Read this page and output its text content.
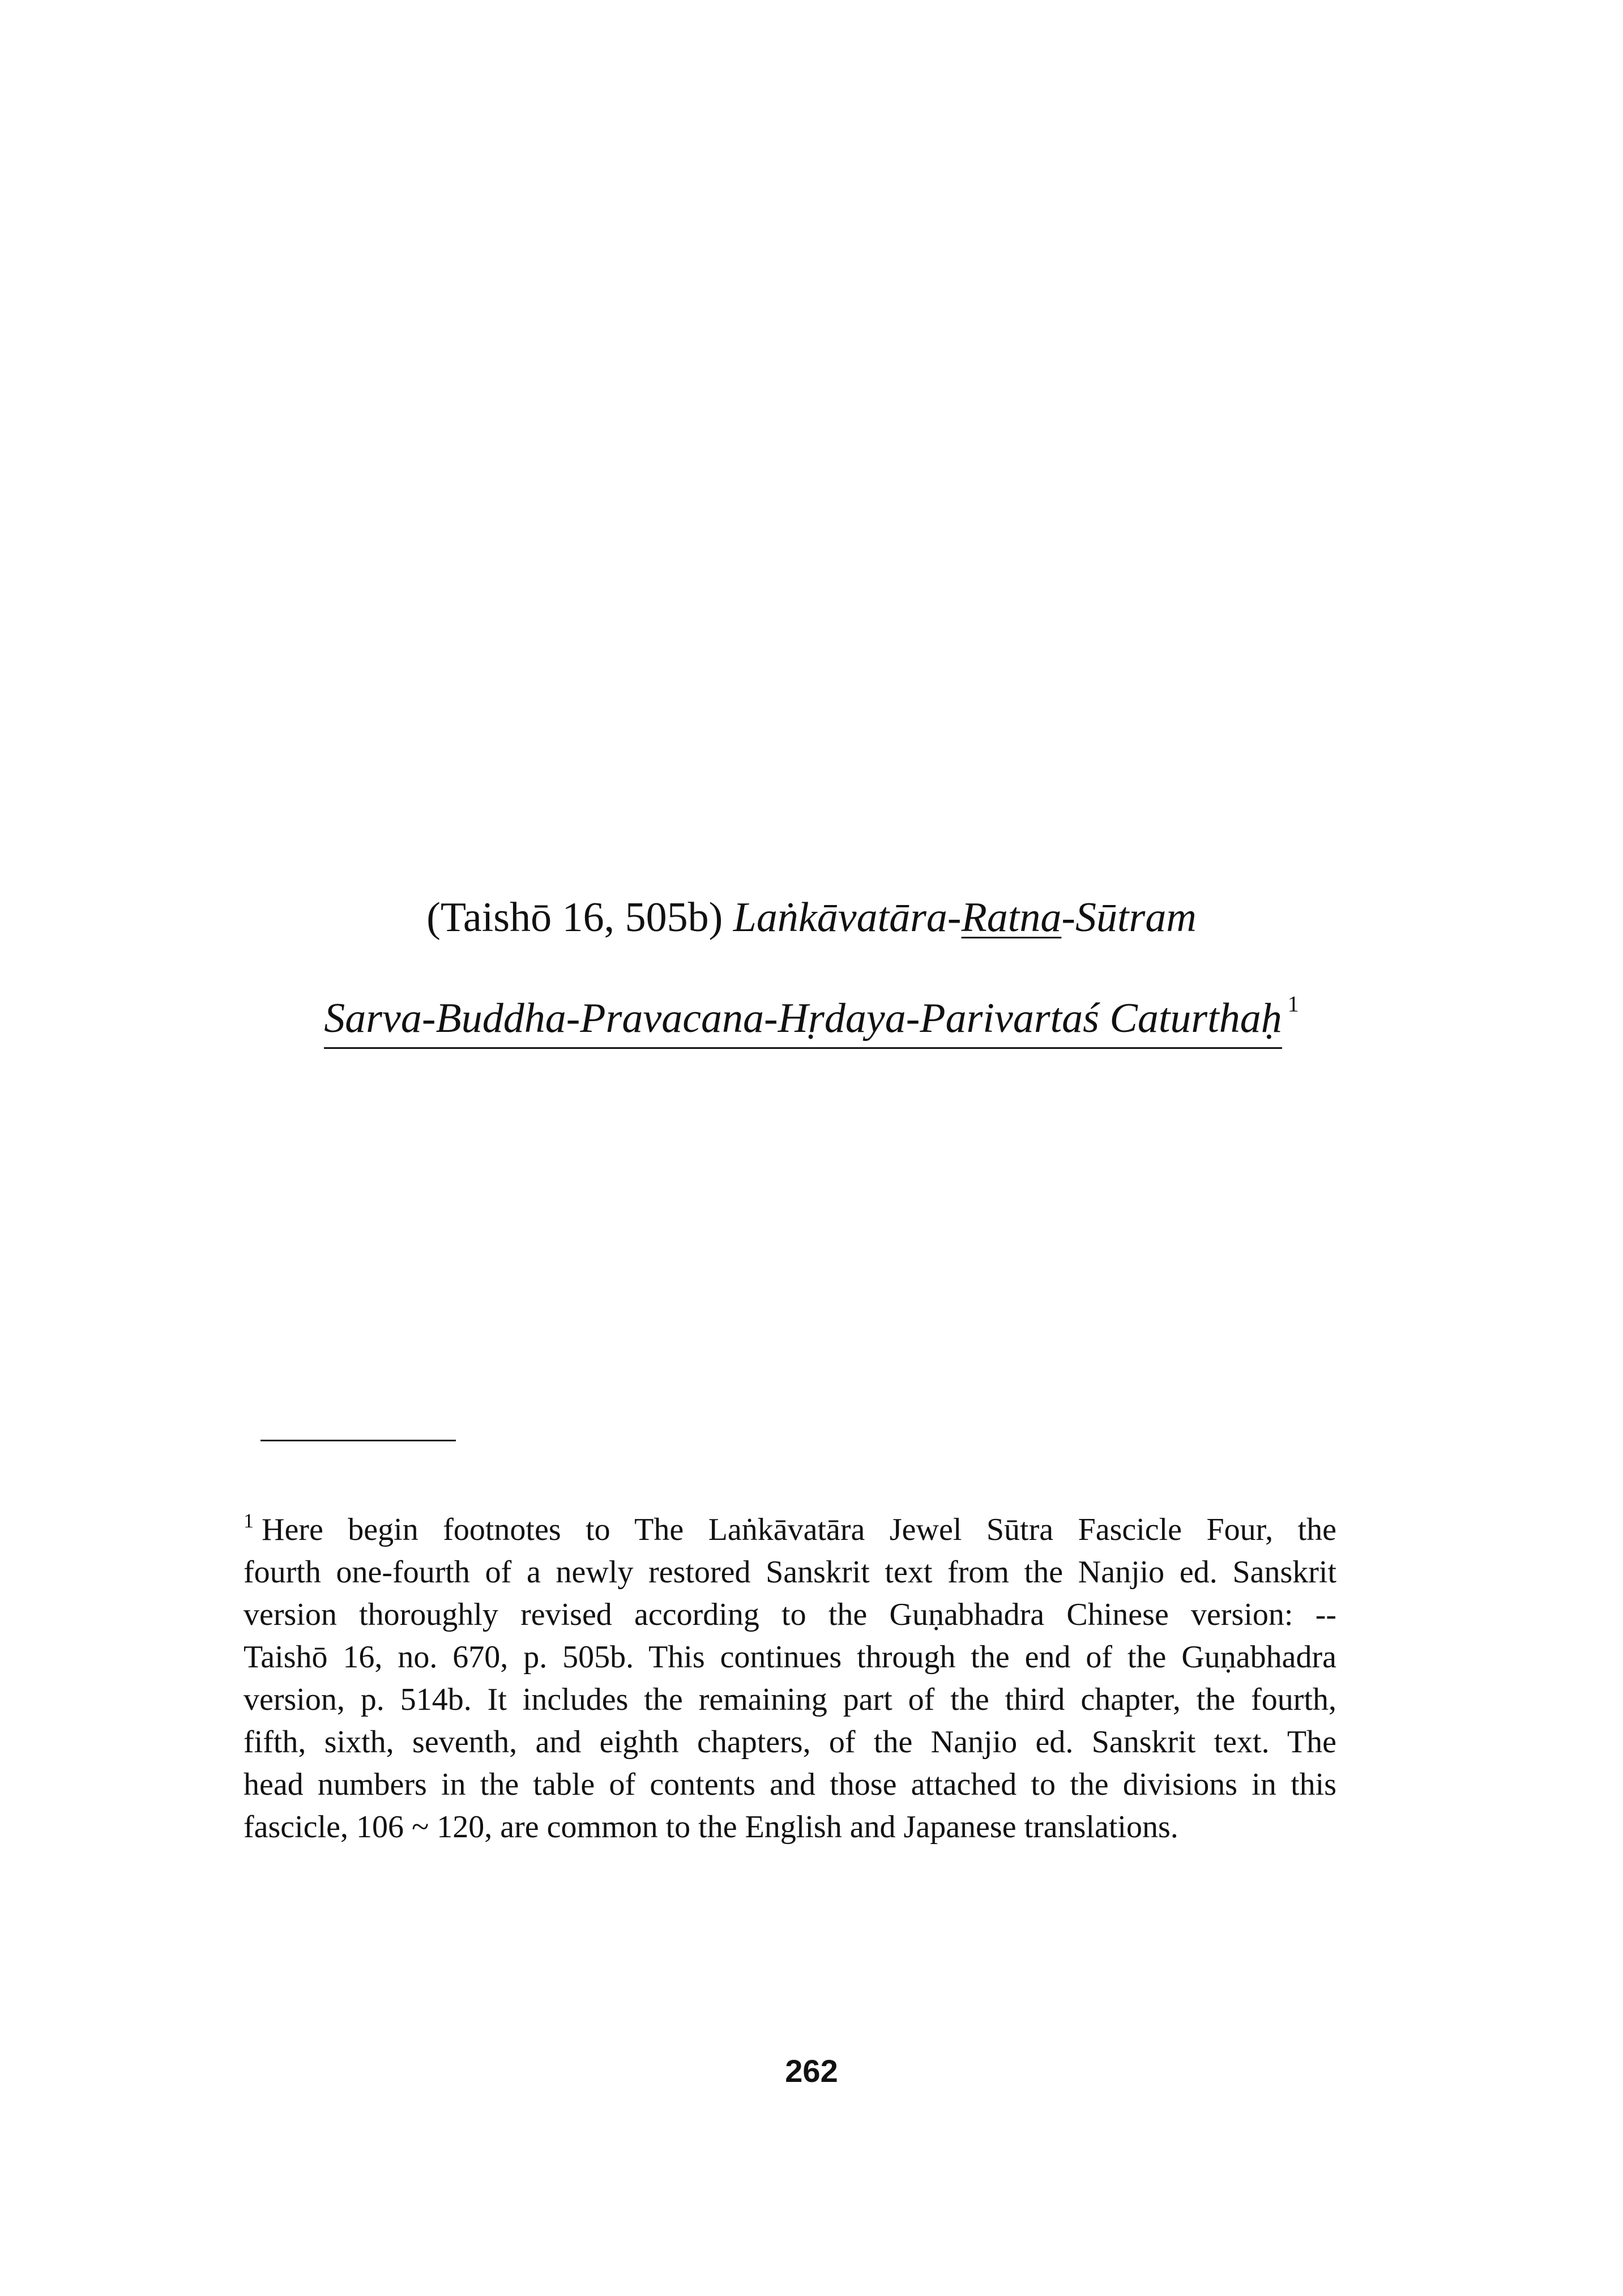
(Taishō 16, 505b) Laṅkāvatāra-Ratna-Sūtram
Sarva-Buddha-Pravacana-Hṛdaya-Parivartaś Caturthaḥ $^1$
$^1$ Here begin footnotes to The Laṅkāvatāra Jewel Sūtra Fascicle Four, the
fourth one-fourth of a newly restored Sanskrit text from the Nanjio ed. Sanskrit
version thoroughly revised according to the Guṇabhadra Chinese version: --
Taishō 16, no. 670, p. 505b. This continues through the end of the Guṇabhadra
version, p. 514b. It includes the remaining part of the third chapter, the fourth,
fifth, sixth, seventh, and eighth chapters, of the Nanjio ed. Sanskrit text. The
head numbers in the table of contents and those attached to the divisions in this
fascicle, 106 ~ 120, are common to the English and Japanese translations.
262
